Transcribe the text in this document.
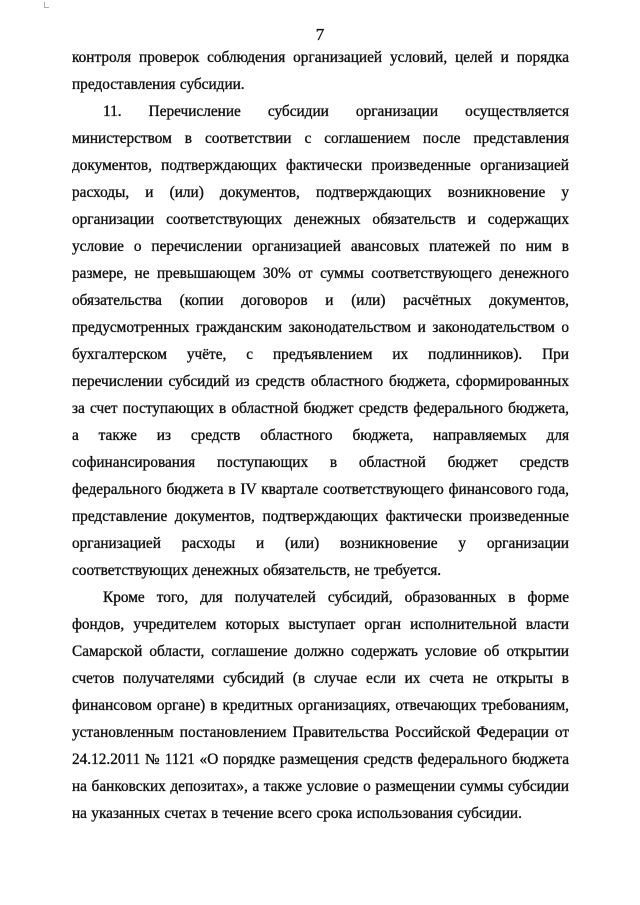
7
контроля проверок соблюдения организацией условий, целей и порядка
предоставления субсидии.
11. Перечисление субсидии организации осуществляется
министерством в соответствии с соглашением после представления
документов, подтверждающих фактически произведенные организацией
расходы, и (или) документов, подтверждающих возникновение у
организации соответствующих денежных обязательств и содержащих
условие о перечислении организацией авансовых платежей по ним в
размере, не превышающем 30% от суммы соответствующего денежного
обязательства (копии договоров и (или) расчётных документов,
предусмотренных гражданским законодательством и законодательством о
бухгалтерском учёте, с предъявлением их подлинников). При
перечислении субсидий из средств областного бюджета, сформированных
за счет поступающих в областной бюджет средств федерального бюджета,
а также из средств областного бюджета, направляемых для
софинансирования поступающих в областной бюджет средств
федерального бюджета в IV квартале соответствующего финансового года,
представление документов, подтверждающих фактически произведенные
организацией расходы и (или) возникновение у организации
соответствующих денежных обязательств, не требуется.
Кроме того, для получателей субсидий, образованных в форме
фондов, учредителем которых выступает орган исполнительной власти
Самарской области, соглашение должно содержать условие об открытии
счетов получателями субсидий (в случае если их счета не открыты в
финансовом органе) в кредитных организациях, отвечающих требованиям,
установленным постановлением Правительства Российской Федерации от
24.12.2011 № 1121 «О порядке размещения средств федерального бюджета
на банковских депозитах», а также условие о размещении суммы субсидии
на указанных счетах в течение всего срока использования субсидии.
